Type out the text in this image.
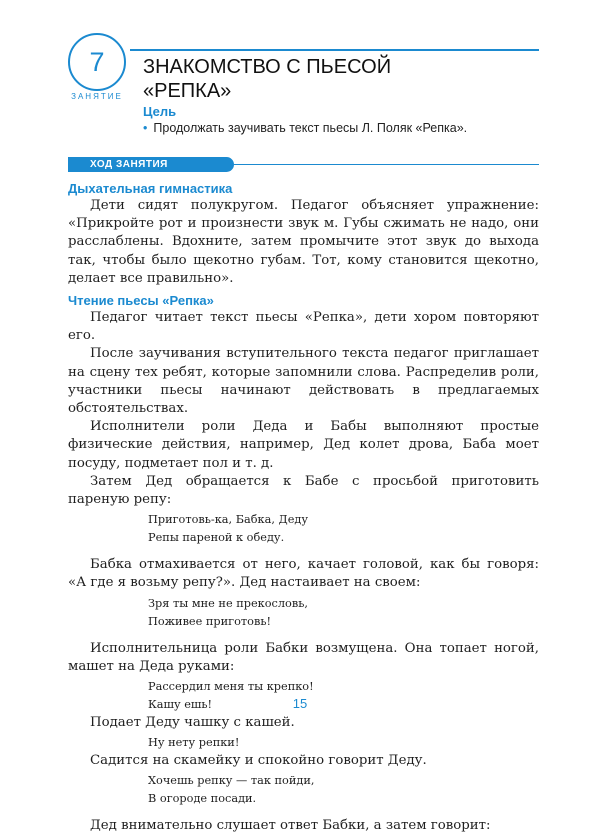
7
ЗАНЯТИЕ
ЗНАКОМСТВО С ПЬЕСОЙ
«РЕПКА»
Цель
• Продолжать заучивать текст пьесы Л. Поляк «Репка».
ХОД ЗАНЯТИЯ
Дыхательная гимнастика

Дети сидят полукругом. Педагог объясняет упражнение: «Прикройте рот и произнести звук м. Губы сжимать не надо, они расслаблены. Вдохните, затем промычите этот звук до выхода так, чтобы было щекотно губам. Тот, кому становится щекотно, делает все правильно».

Чтение пьесы «Репка»

Педагог читает текст пьесы «Репка», дети хором повторяют его.

После заучивания вступительного текста педагог приглашает на сцену тех ребят, которые запомнили слова. Распределив роли, участники пьесы начинают действовать в предлагаемых обстоятельствах.

Исполнители роли Деда и Бабы выполняют простые физические действия, например, Дед колет дрова, Баба моет посуду, подметает пол и т. д.

Затем Дед обращается к Бабе с просьбой приготовить пареную репу:

Приготовь-ка, Бабка, Деду
Репы пареной к обеду.

Бабка отмахивается от него, качает головой, как бы говоря: «А где я возьму репу?». Дед настаивает на своем:

Зря ты мне не прекословь,
Поживее приготовь!

Исполнительница роли Бабки возмущена. Она топает ногой, машет на Деда руками:

Рассердил меня ты крепко!
Кашу ешь!

Подает Деду чашку с кашей.

Ну нету репки!

Садится на скамейку и спокойно говорит Деду.

Хочешь репку — так пойди,
В огороде посади.

Дед внимательно слушает ответ Бабки, а затем говорит:

15
